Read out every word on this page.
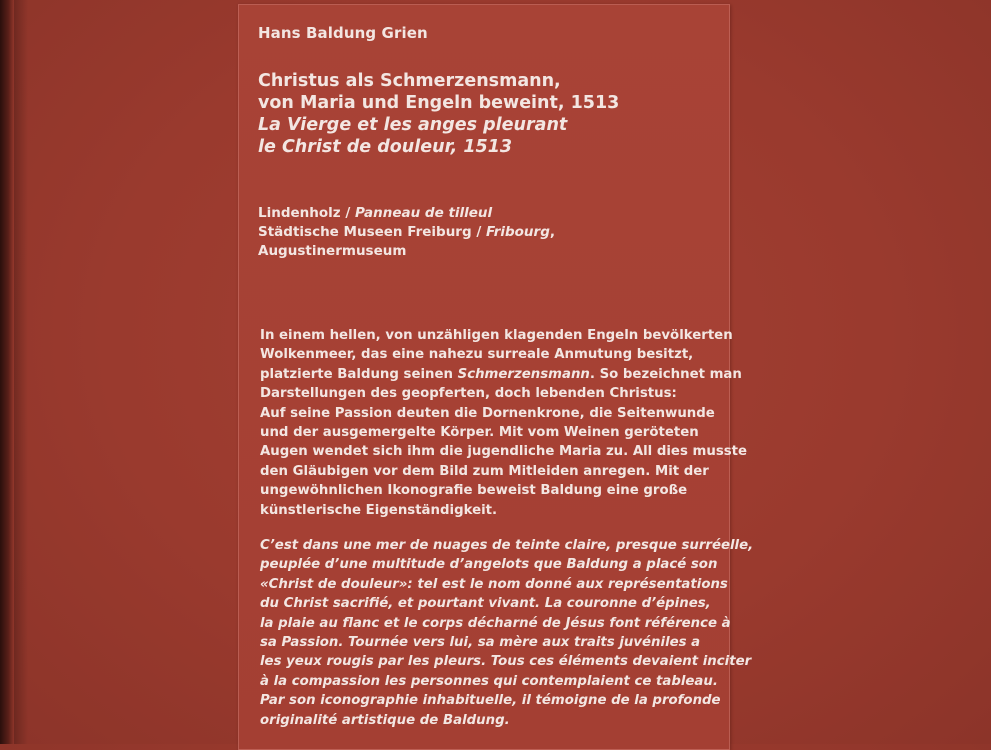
Hans Baldung Grien
Christus als Schmerzensmann,
von Maria und Engeln beweint, 1513
La Vierge et les anges pleurant
le Christ de douleur, 1513
Lindenholz / Panneau de tilleul
Städtische Museen Freiburg / Fribourg,
Augustinermuseum
In einem hellen, von unzähligen klagenden Engeln bevölkerten
Wolkenmeer, das eine nahezu surreale Anmutung besitzt,
platzierte Baldung seinen Schmerzensmann. So bezeichnet man
Darstellungen des geopferten, doch lebenden Christus:
Auf seine Passion deuten die Dornenkrone, die Seitenwunde
und der ausgemergelte Körper. Mit vom Weinen geröteten
Augen wendet sich ihm die jugendliche Maria zu. All dies musste
den Gläubigen vor dem Bild zum Mitleiden anregen. Mit der
ungewöhnlichen Ikonografie beweist Baldung eine große
künstlerische Eigenständigkeit.
C’est dans une mer de nuages de teinte claire, presque surréelle,
peuplée d’une multitude d’angelots que Baldung a placé son
«Christ de douleur»: tel est le nom donné aux représentations
du Christ sacrifié, et pourtant vivant. La couronne d’épines,
la plaie au flanc et le corps décharné de Jésus font référence à
sa Passion. Tournée vers lui, sa mère aux traits juvéniles a
les yeux rougis par les pleurs. Tous ces éléments devaient inciter
à la compassion les personnes qui contemplaient ce tableau.
Par son iconographie inhabituelle, il témoigne de la profonde
originalité artistique de Baldung.
